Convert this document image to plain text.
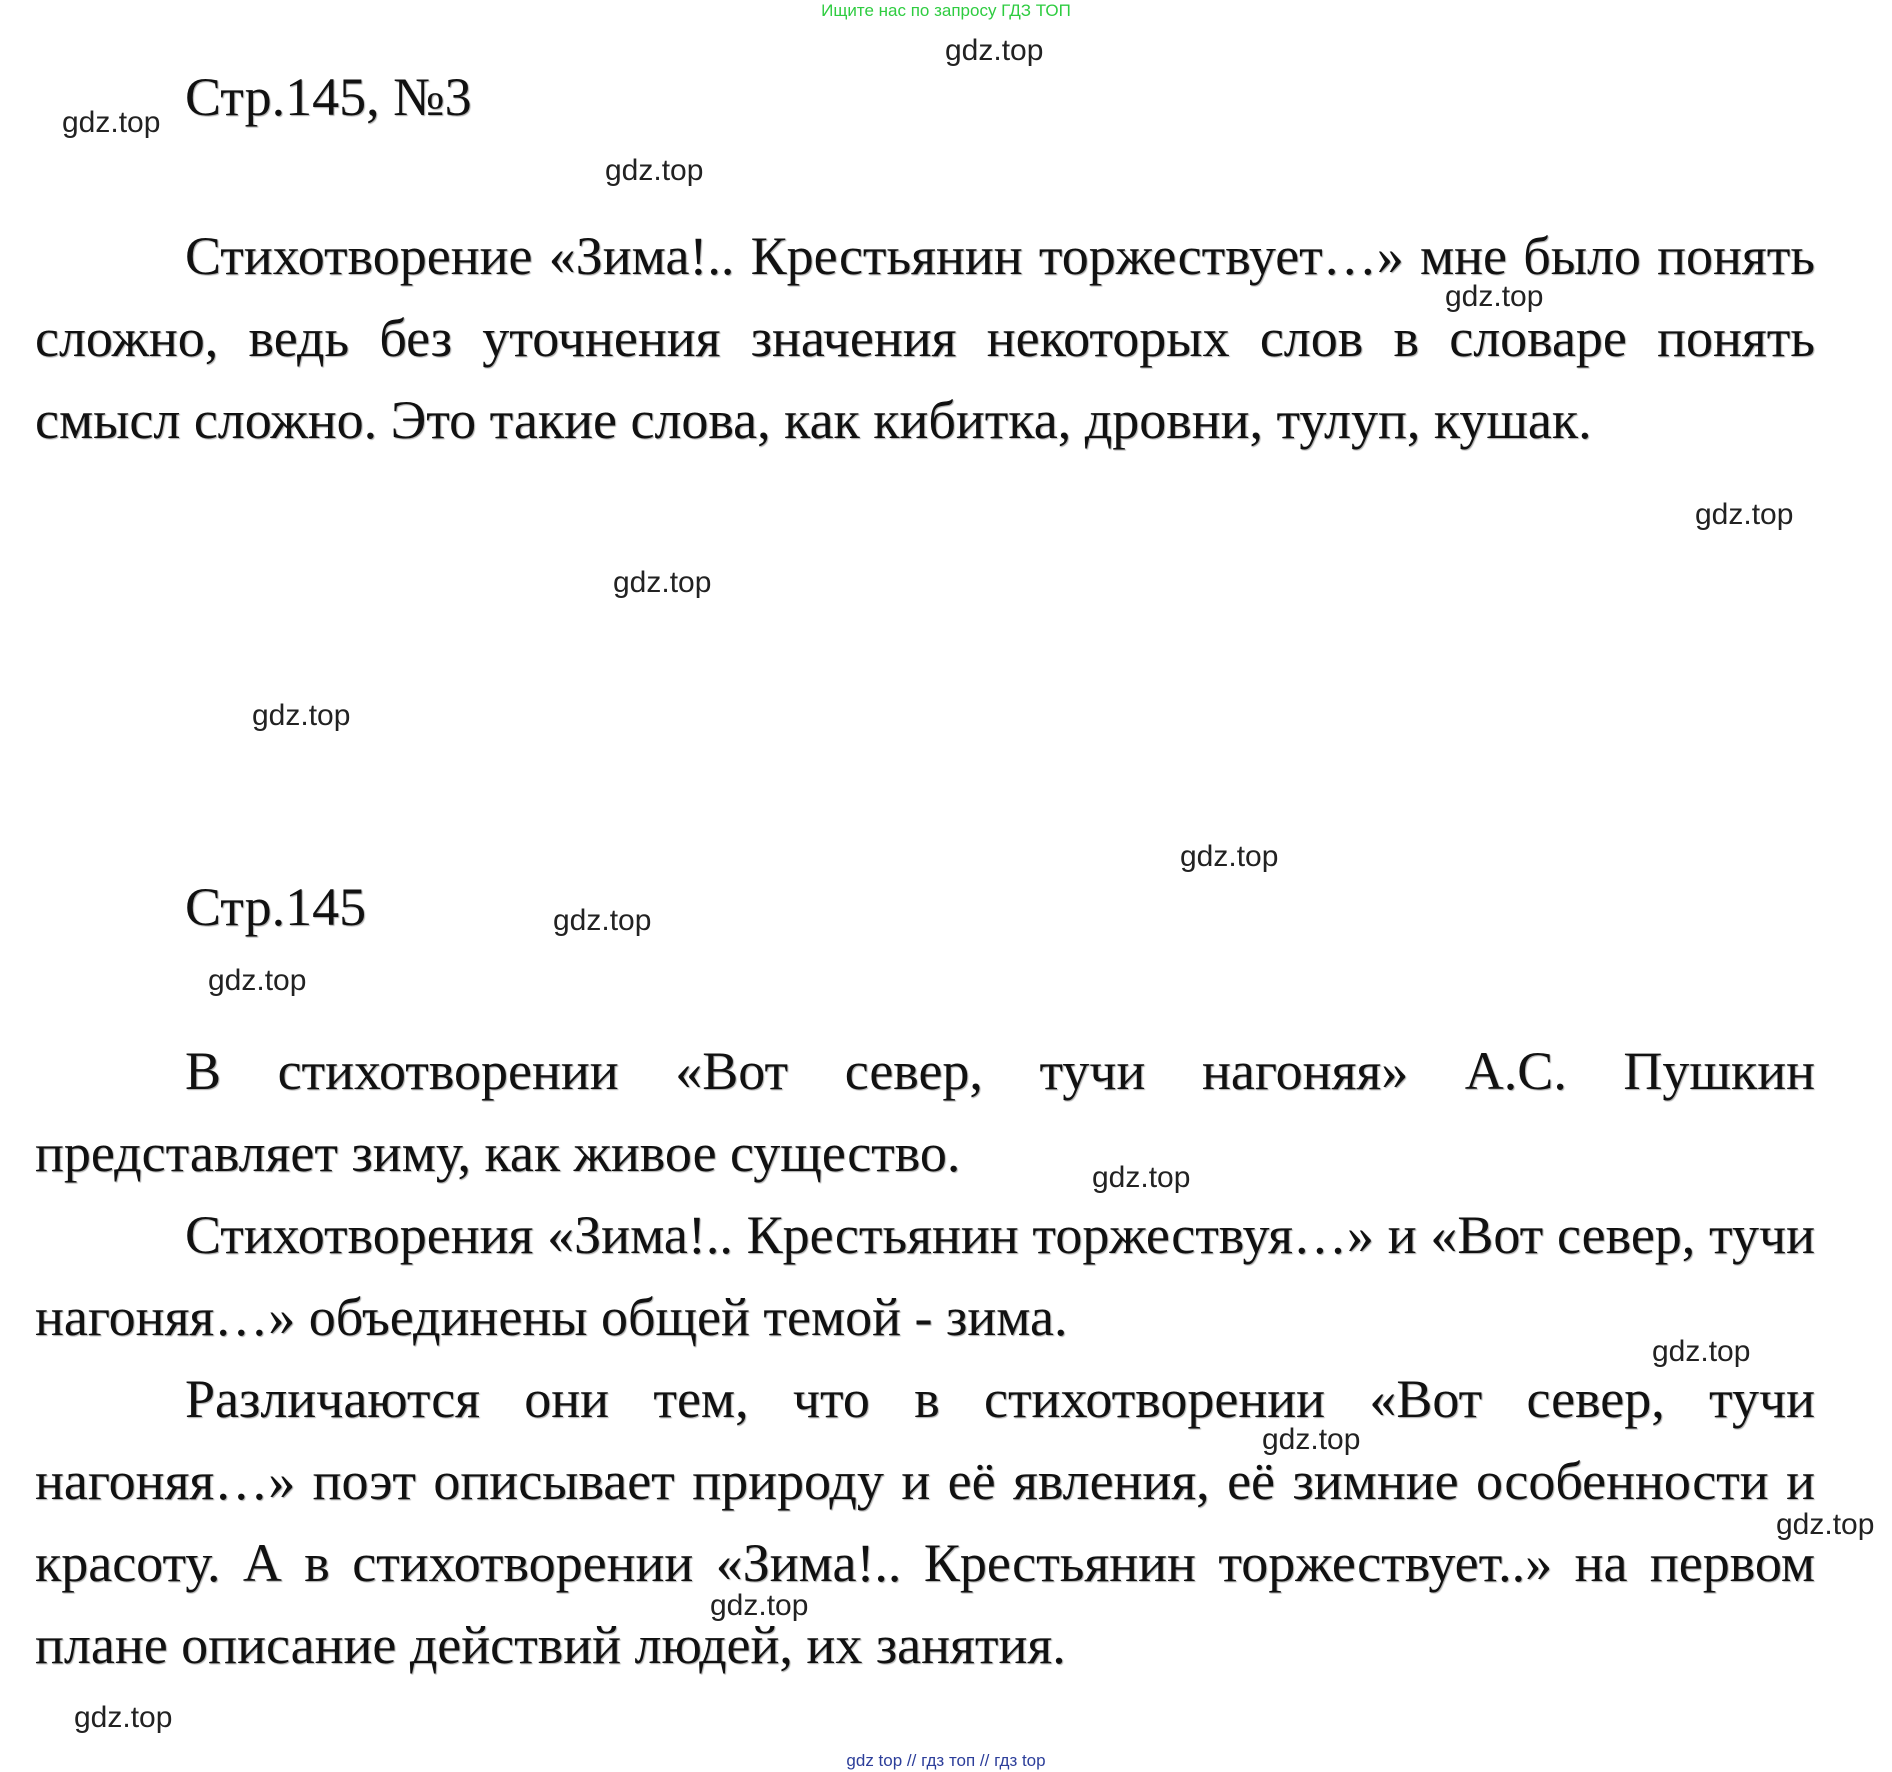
Ищите нас по запросу ГДЗ ТОП
Стр.145, №3

Стихотворение «Зима!.. Крестьянин торжествует…» мне было понять сложно, ведь без уточнения значения некоторых слов в словаре понять смысл сложно. Это такие слова, как кибитка, дровни, тулуп, кушак.

Стр.145

В стихотворении «Вот север, тучи нагоняя» А.С. Пушкин представляет зиму, как живое существо.

Стихотворения «Зима!.. Крестьянин торжествуя…» и «Вот север, тучи нагоняя…» объединены общей темой - зима.

Различаются они тем, что в стихотворении «Вот север, тучи нагоняя…» поэт описывает природу и её явления, её зимние особенности и красоту. А в стихотворении «Зима!.. Крестьянин торжествует..» на первом плане описание действий людей, их занятия.

gdz.top
gdz.top
gdz.top
gdz.top
gdz.top
gdz.top
gdz.top
gdz.top
gdz.top
gdz.top
gdz.top
gdz.top
gdz.top
gdz.top
gdz.top
gdz.top
gdz top // гдз топ // гдз top
